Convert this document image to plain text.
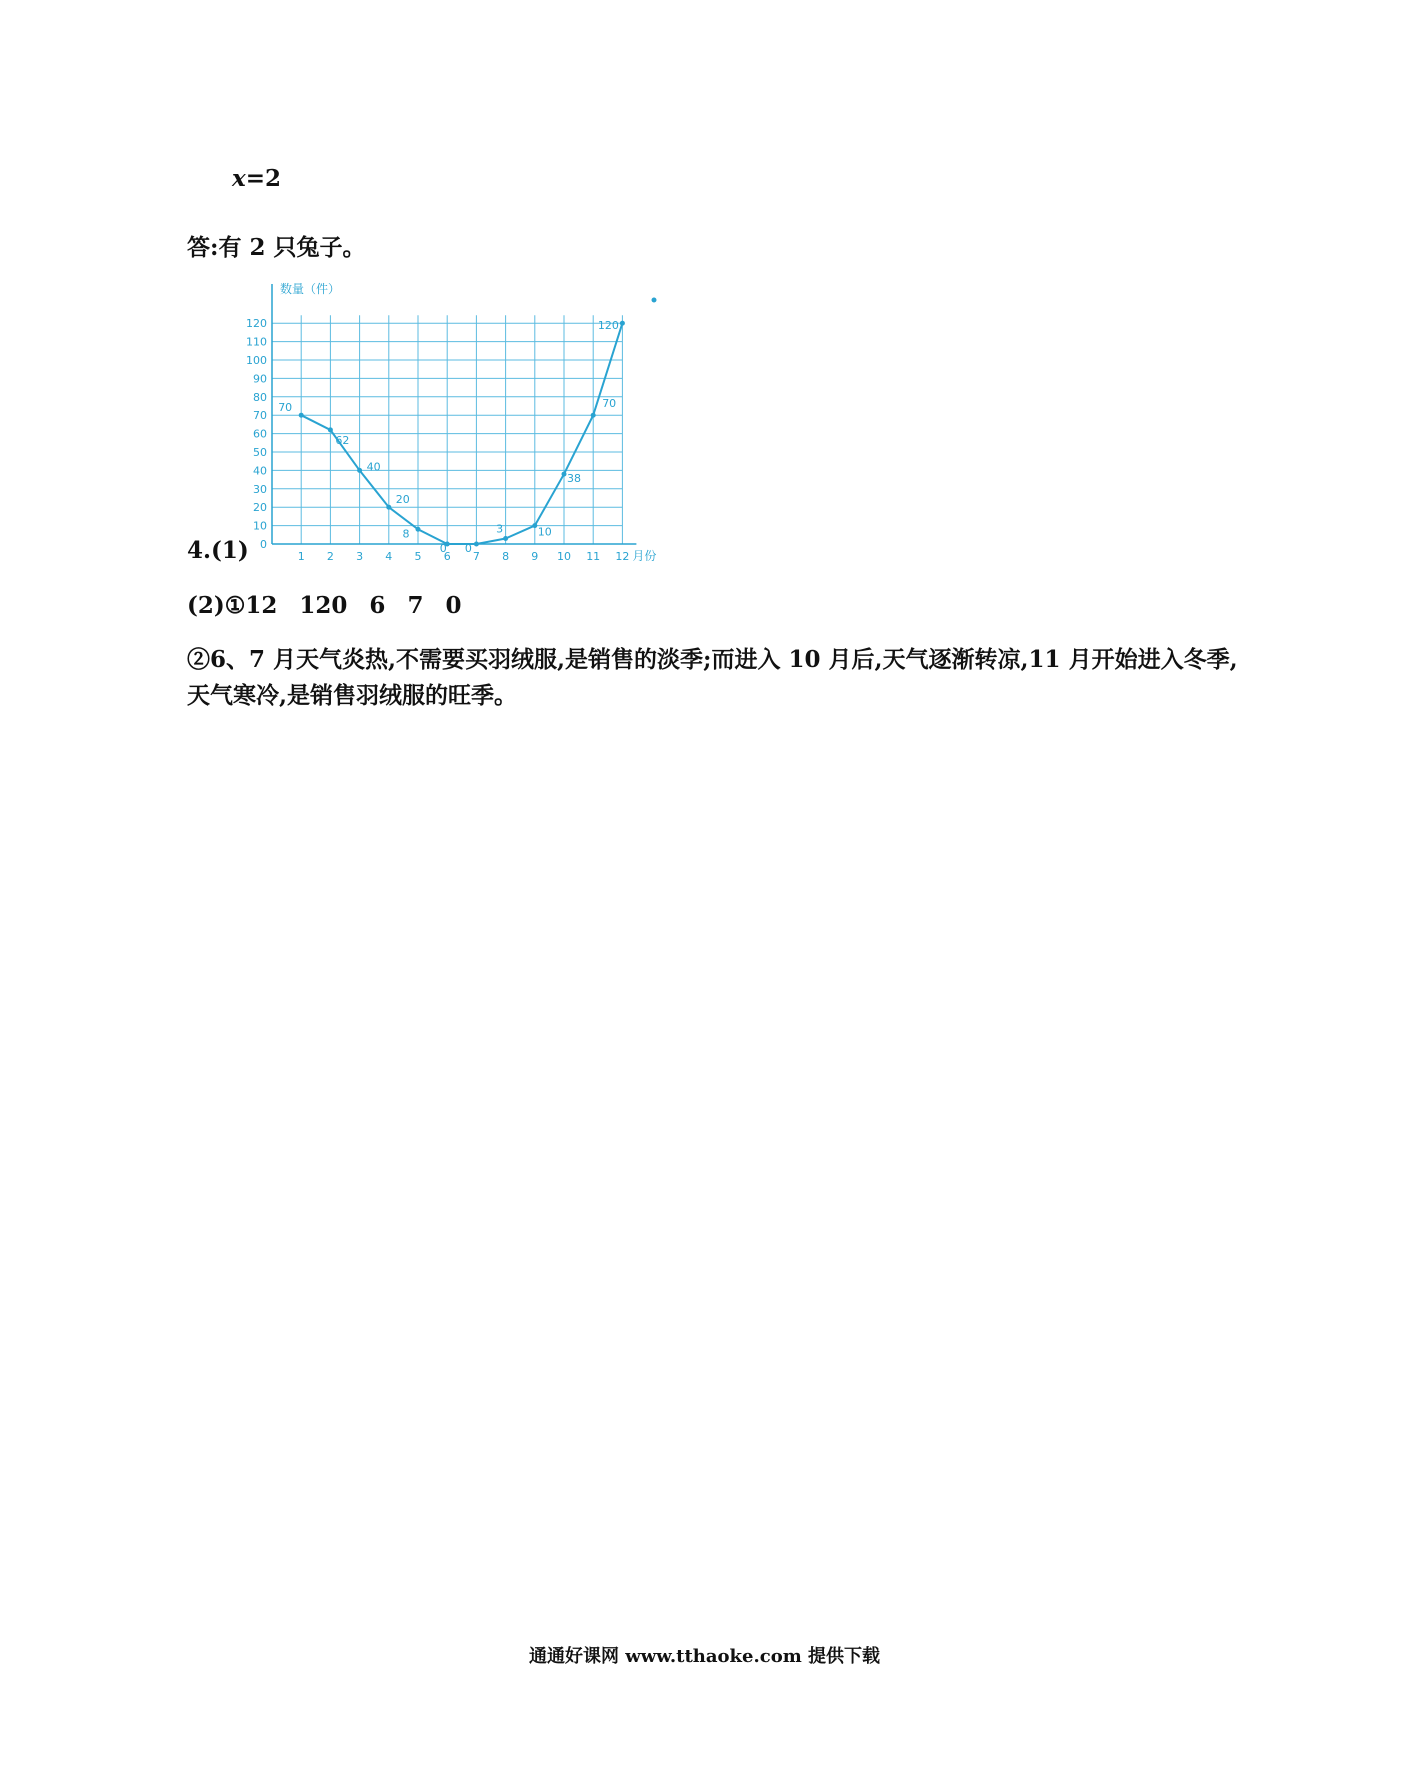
x=2
答:有 2 只兔子。
数量（件）
月份
0
10
20
30
40
50
60
70
80
90
100
110
120
1 2 3 4 5 6 7 8 9 10 11 12
70
62
40
20
8
0 0
3	10
38
70
120
4.(1)
(2)①12 120 6 7 0
②6、7 月天气炎热,不需要买羽绒服,是销售的淡季;而进入 10 月后,天气逐渐转凉,11 月开始进入冬季,天气寒冷,是销售羽绒服的旺季。
通通好课网 www.tthaoke.com 提供下载
